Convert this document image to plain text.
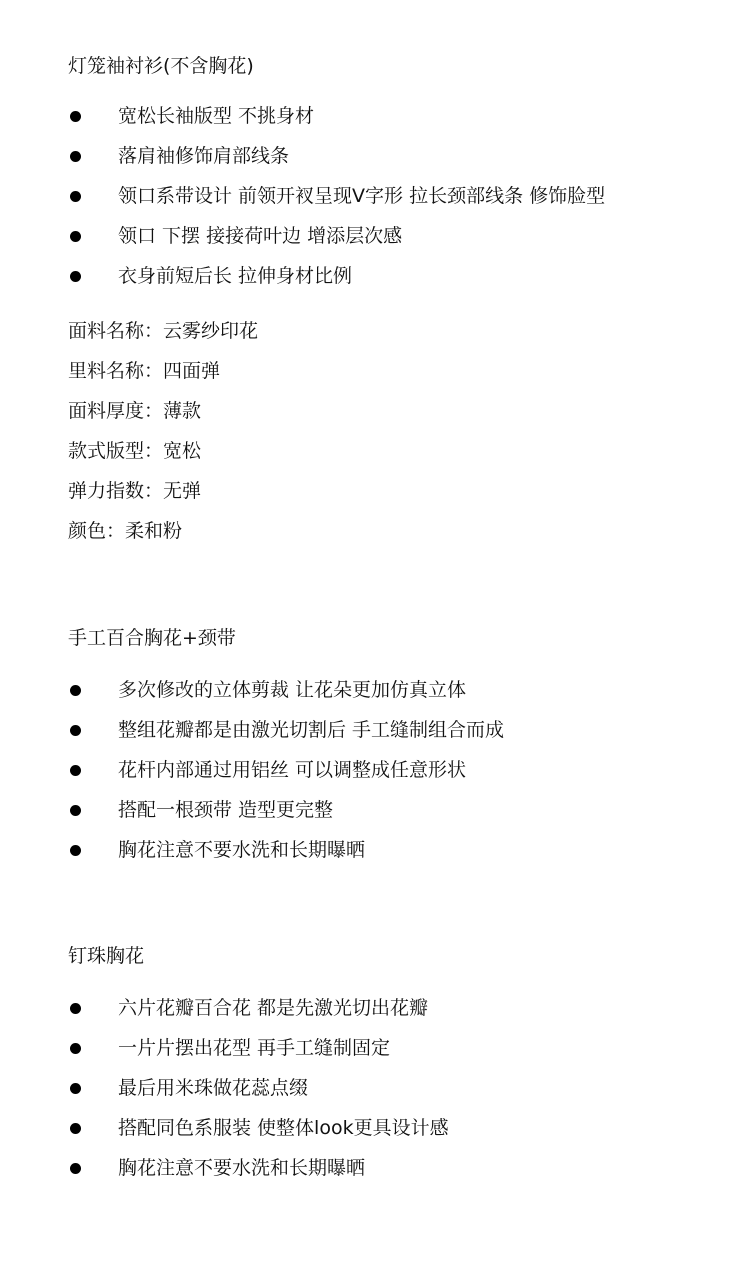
灯笼袖衬衫(不含胸花)
宽松长袖版型 不挑身材
落肩袖修饰肩部线条
领口系带设计 前领开衩呈现V字形 拉长颈部线条 修饰脸型
领口 下摆 接接荷叶边 增添层次感
衣身前短后长 拉伸身材比例
面料名称：云雾纱印花
里料名称：四面弹
面料厚度：薄款
款式版型：宽松
弹力指数：无弹
颜色：柔和粉
手工百合胸花+颈带
多次修改的立体剪裁 让花朵更加仿真立体
整组花瓣都是由激光切割后 手工缝制组合而成
花杆内部通过用铝丝 可以调整成任意形状
搭配一根颈带 造型更完整
胸花注意不要水洗和长期曝晒
钉珠胸花
六片花瓣百合花 都是先激光切出花瓣
一片片摆出花型 再手工缝制固定
最后用米珠做花蕊点缀
搭配同色系服装 使整体look更具设计感
胸花注意不要水洗和长期曝晒
